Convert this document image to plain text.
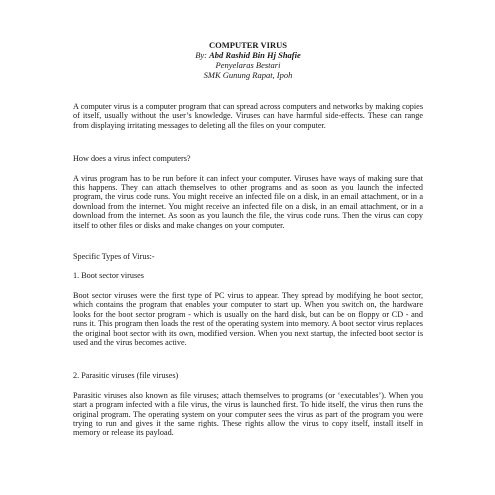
COMPUTER VIRUS
By: Abd Rashid Bin Hj Shafie
Penyelaras Bestari
SMK Gunung Rapat, Ipoh

A computer virus is a computer program that can spread across computers and networks by making copies of itself, usually without the user’s knowledge. Viruses can have harmful side-effects. These can range from displaying irritating messages to deleting all the files on your computer.

How does a virus infect computers?

A virus program has to be run before it can infect your computer. Viruses have ways of making sure that this happens. They can attach themselves to other programs and as soon as you launch the infected program, the virus code runs. You might receive an infected file on a disk, in an email attachment, or in a download from the internet. You might receive an infected file on a disk, in an email attachment, or in a download from the internet. As soon as you launch the file, the virus code runs. Then the virus can copy itself to other files or disks and make changes on your computer.

Specific Types of Virus:-

1. Boot sector viruses

Boot sector viruses were the first type of PC virus to appear. They spread by modifying he boot sector, which contains the program that enables your computer to start up. When you switch on, the hardware looks for the boot sector program - which is usually on the hard disk, but can be on floppy or CD - and runs it. This program then loads the rest of the operating system into memory. A boot sector virus replaces the original boot sector with its own, modified version. When you next startup, the infected boot sector is used and the virus becomes active.

2. Parasitic viruses (file viruses)

Parasitic viruses also known as file viruses; attach themselves to programs (or ‘executables’). When you start a program infected with a file virus, the virus is launched first. To hide itself, the virus then runs the original program. The operating system on your computer sees the virus as part of the program you were trying to run and gives it the same rights. These rights allow the virus to copy itself, install itself in memory or release its payload.
